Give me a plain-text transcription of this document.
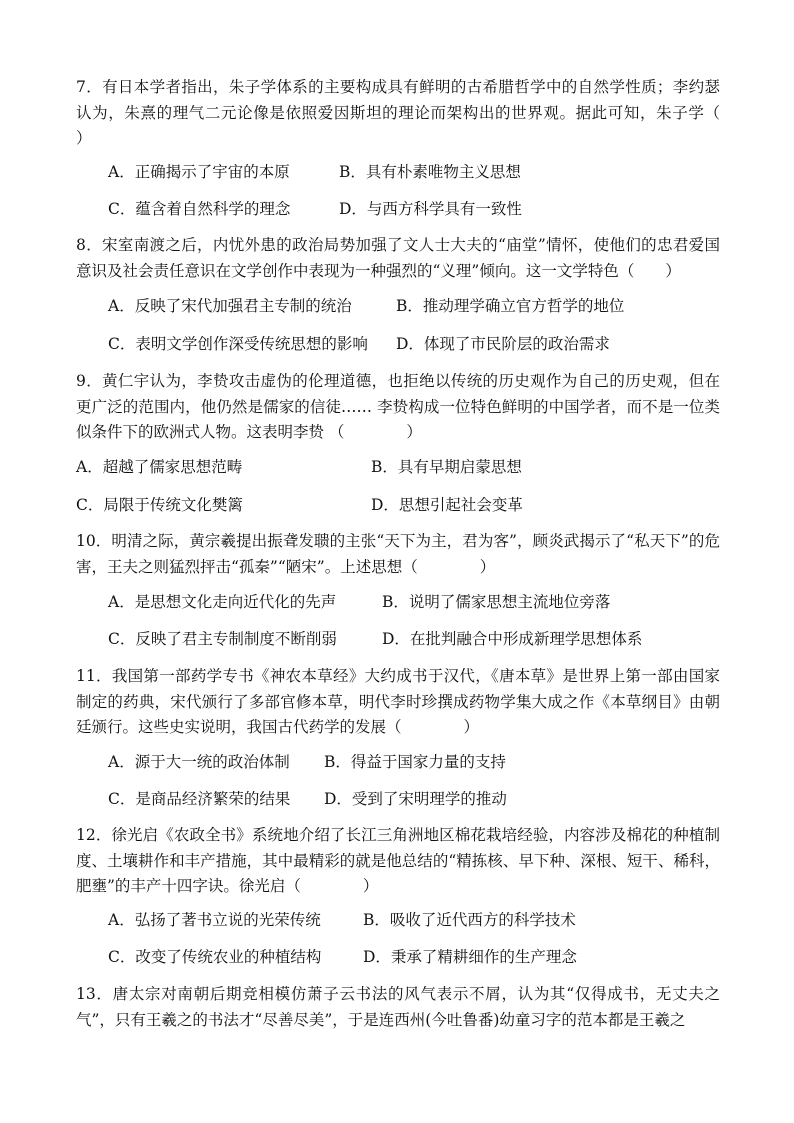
7．有日本学者指出，朱子学体系的主要构成具有鲜明的古希腊哲学中的自然学性质；李约瑟认为，朱熹的理气二元论像是依照爱因斯坦的理论而架构出的世界观。据此可知，朱子学（　　　　）

A．正确揭示了宇宙的本原	B．具有朴素唯物主义思想
C．蕴含着自然科学的理念	D．与西方科学具有一致性

8．宋室南渡之后，内忧外患的政治局势加强了文人士大夫的“庙堂”情怀，使他们的忠君爱国意识及社会责任意识在文学创作中表现为一种强烈的“义理”倾向。这一文学特色（　　）

A．反映了宋代加强君主专制的统治	B．推动理学确立官方哲学的地位
C．表明文学创作深受传统思想的影响 D．体现了市民阶层的政治需求

9．黄仁宇认为，李贽攻击虚伪的伦理道德，也拒绝以传统的历史观作为自己的历史观，但在更广泛的范围内，他仍然是儒家的信徒…… 李贽构成一位特色鲜明的中国学者，而不是一位类似条件下的欧洲式人物。这表明李贽 （　　　　）

A．超越了儒家思想范畴	B．具有早期启蒙思想
C．局限于传统文化樊篱	D．思想引起社会变革

10．明清之际，黄宗羲提出振聋发聩的主张“天下为主，君为客”，顾炎武揭示了“私天下”的危害，王夫之则猛烈抨击“孤秦”“陋宋”。上述思想（　　　　）

A．是思想文化走向近代化的先声	B．说明了儒家思想主流地位旁落
C．反映了君主专制制度不断削弱	D．在批判融合中形成新理学思想体系

11．我国第一部药学专书《神农本草经》大约成书于汉代，《唐本草》是世界上第一部由国家制定的药典，宋代颁行了多部官修本草，明代李时珍撰成药物学集大成之作《本草纲目》由朝廷颁行。这些史实说明，我国古代药学的发展（　　　　）

A．源于大一统的政治体制 B．得益于国家力量的支持
C．是商品经济繁荣的结果 D．受到了宋明理学的推动

12．徐光启《农政全书》系统地介绍了长江三角洲地区棉花栽培经验，内容涉及棉花的种植制度、土壤耕作和丰产措施，其中最精彩的就是他总结的“精拣核、早下种、深根、短干、稀科，肥壅”的丰产十四字诀。徐光启（　　　　）

A．弘扬了著书立说的光荣传统	B．吸收了近代西方的科学技术
C．改变了传统农业的种植结构	D．秉承了精耕细作的生产理念

13．唐太宗对南朝后期竞相模仿萧子云书法的风气表示不屑，认为其“仅得成书，无丈夫之气”，只有王羲之的书法才“尽善尽美”，于是连西州(今吐鲁番)幼童习字的范本都是王羲之
